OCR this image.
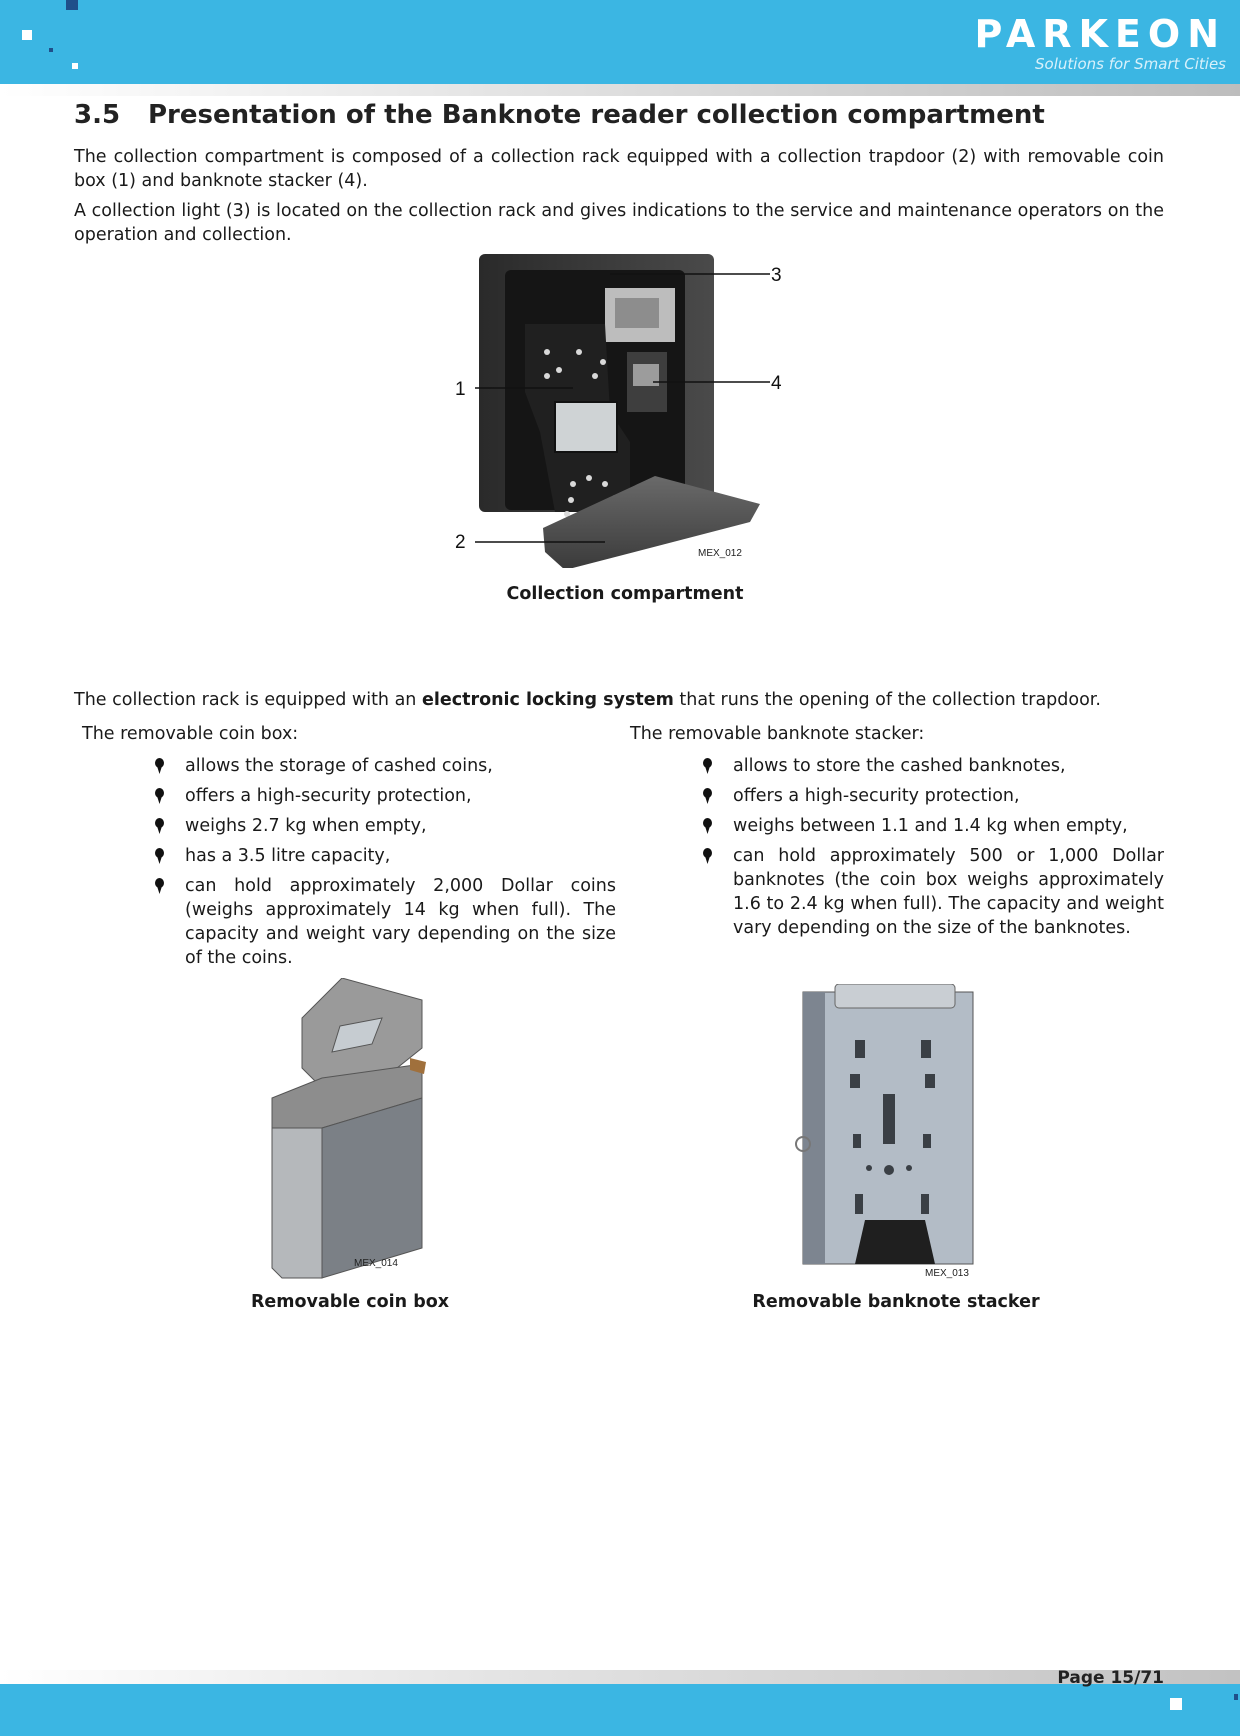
PARKEON
Solutions for Smart Cities
3.5 Presentation of the Banknote reader collection compartment

The collection compartment is composed of a collection rack equipped with a collection trapdoor (2) with removable coin box (1) and banknote stacker (4).

A collection light (3) is located on the collection rack and gives indications to the service and maintenance operators on the operation and collection.

1
2
3
4
MEX_012
Collection compartment

The collection rack is equipped with an electronic locking system that runs the opening of the collection trapdoor.

The removable coin box:
allows the storage of cashed coins,
offers a high-security protection,
weighs 2.7 kg when empty,
has a 3.5 litre capacity,
can hold approximately 2,000 Dollar coins (weighs approximately 14 kg when full). The capacity and weight vary depending on the size of the coins.
The removable banknote stacker:
allows to store the cashed banknotes,
offers a high-security protection,
weighs between 1.1 and 1.4 kg when empty,
can hold approximately 500 or 1,000 Dollar banknotes (the coin box weighs approximately 1.6 to 2.4 kg when full). The capacity and weight vary depending on the size of the banknotes.
MEX_014
Removable coin box
MEX_013
Removable banknote stacker
Page 15/71
